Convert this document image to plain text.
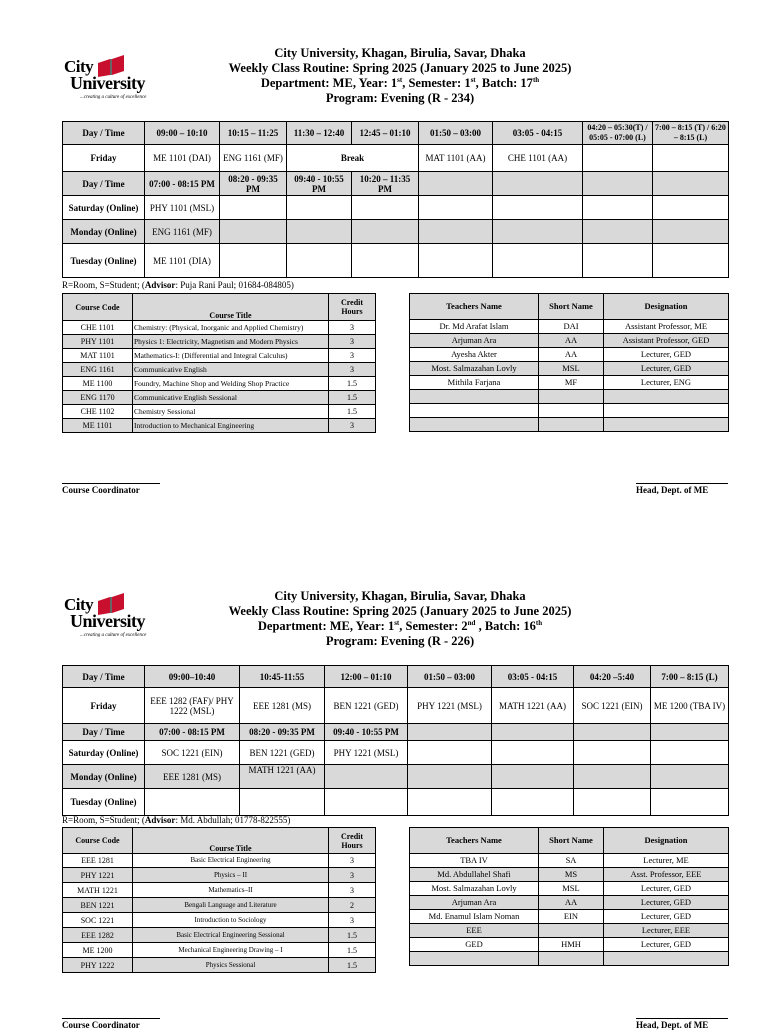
City
University
...creating a culture of excellence
City University, Khagan, Birulia, Savar, Dhaka
Weekly Class Routine: Spring 2025 (January 2025 to June 2025)
Department: ME, Year: 1st, Semester: 1st, Batch: 17th
Program: Evening (R - 234)
Day / Time	09:00 – 10:10	10:15 – 11:25	11:30 – 12:40	12:45 – 01:10	01:50 – 03:00	03:05 - 04:15	04:20 – 05:30(T) / 05:05 - 07:00 (L)	7:00 – 8:15 (T) / 6:20 – 8:15 (L)
Friday	ME 1101 (DAI)	ENG 1161 (MF)	Break		MAT 1101 (AA)	CHE 1101 (AA)		
Day / Time	07:00 - 08:15 PM	08:20 - 09:35 PM	09:40 - 10:55 PM	10:20 – 11:35 PM				
Saturday (Online)	PHY 1101 (MSL)							
Monday (Online)	ENG 1161 (MF)							
Tuesday (Online)	ME 1101 (DIA)							
R=Room, S=Student; (Advisor: Puja Rani Paul; 01684-084805)
Course Code	Course Title	Credit Hours
CHE 1101	Chemistry: (Physical, Inorganic and Applied Chemistry)	3
PHY 1101	Physics 1: Electricity, Magnetism and Modern Physics	3
MAT 1101	Mathematics-I: (Differential and Integral Calculus)	3
ENG 1161	Communicative English	3
ME 1100	Foundry, Machine Shop and Welding Shop Practice	1.5
ENG 1170	Communicative English Sessional	1.5
CHE 1102	Chemistry Sessional	1.5
ME 1101	Introduction to Mechanical Engineering	3
Teachers Name	Short Name	Designation
Dr. Md Arafat Islam	DAI	Assistant Professor, ME
Arjuman Ara	AA	Assistant Professor, GED
Ayesha Akter	AA	Lecturer, GED
Most. Salmazahan Lovly	MSL	Lecturer, GED
Mithila Farjana	MF	Lecturer, ENG

Course Coordinator	Head, Dept. of ME
City
University
...creating a culture of excellence
City University, Khagan, Birulia, Savar, Dhaka
Weekly Class Routine: Spring 2025 (January 2025 to June 2025)
Department: ME, Year: 1st, Semester: 2nd , Batch: 16th
Program: Evening (R - 226)
Day / Time	09:00–10:40	10:45-11:55	12:00 – 01:10	01:50 – 03:00	03:05 - 04:15	04:20 –5:40	7:00 – 8:15 (L)
Friday	EEE 1282 (FAF)/ PHY 1222 (MSL)	EEE 1281 (MS)	BEN 1221 (GED)	PHY 1221 (MSL)	MATH 1221 (AA)	SOC 1221 (EIN)	ME 1200 (TBA IV)
Day / Time	07:00 - 08:15 PM	08:20 - 09:35 PM	09:40 - 10:55 PM				
Saturday (Online)	SOC 1221 (EIN)	BEN 1221 (GED)	PHY 1221 (MSL)				
Monday (Online)	EEE 1281 (MS)	MATH 1221 (AA)					
Tuesday (Online)							
R=Room, S=Student; (Advisor: Md. Abdullah; 01778-822555)
Course Code	Course Title	Credit Hours
EEE 1281	Basic Electrical Engineering	3
PHY 1221	Physics – II	3
MATH 1221	Mathematics–II	3
BEN 1221	Bengali Language and Literature	2
SOC 1221	Introduction to Sociology	3
EEE 1282	Basic Electrical Engineering Sessional	1.5
ME 1200	Mechanical Engineering Drawing – I	1.5
PHY 1222	Physics Sessional	1.5
Teachers Name	Short Name	Designation
TBA IV	SA	Lecturer, ME
Md. Abdullahel Shafi	MS	Asst. Professor, EEE
Most. Salmazahan Lovly	MSL	Lecturer, GED
Arjuman Ara	AA	Lecturer, GED
Md. Enamul Islam Noman	EIN	Lecturer, GED
EEE		Lecturer, EEE
GED	HMH	Lecturer, GED

Course Coordinator	Head, Dept. of ME
